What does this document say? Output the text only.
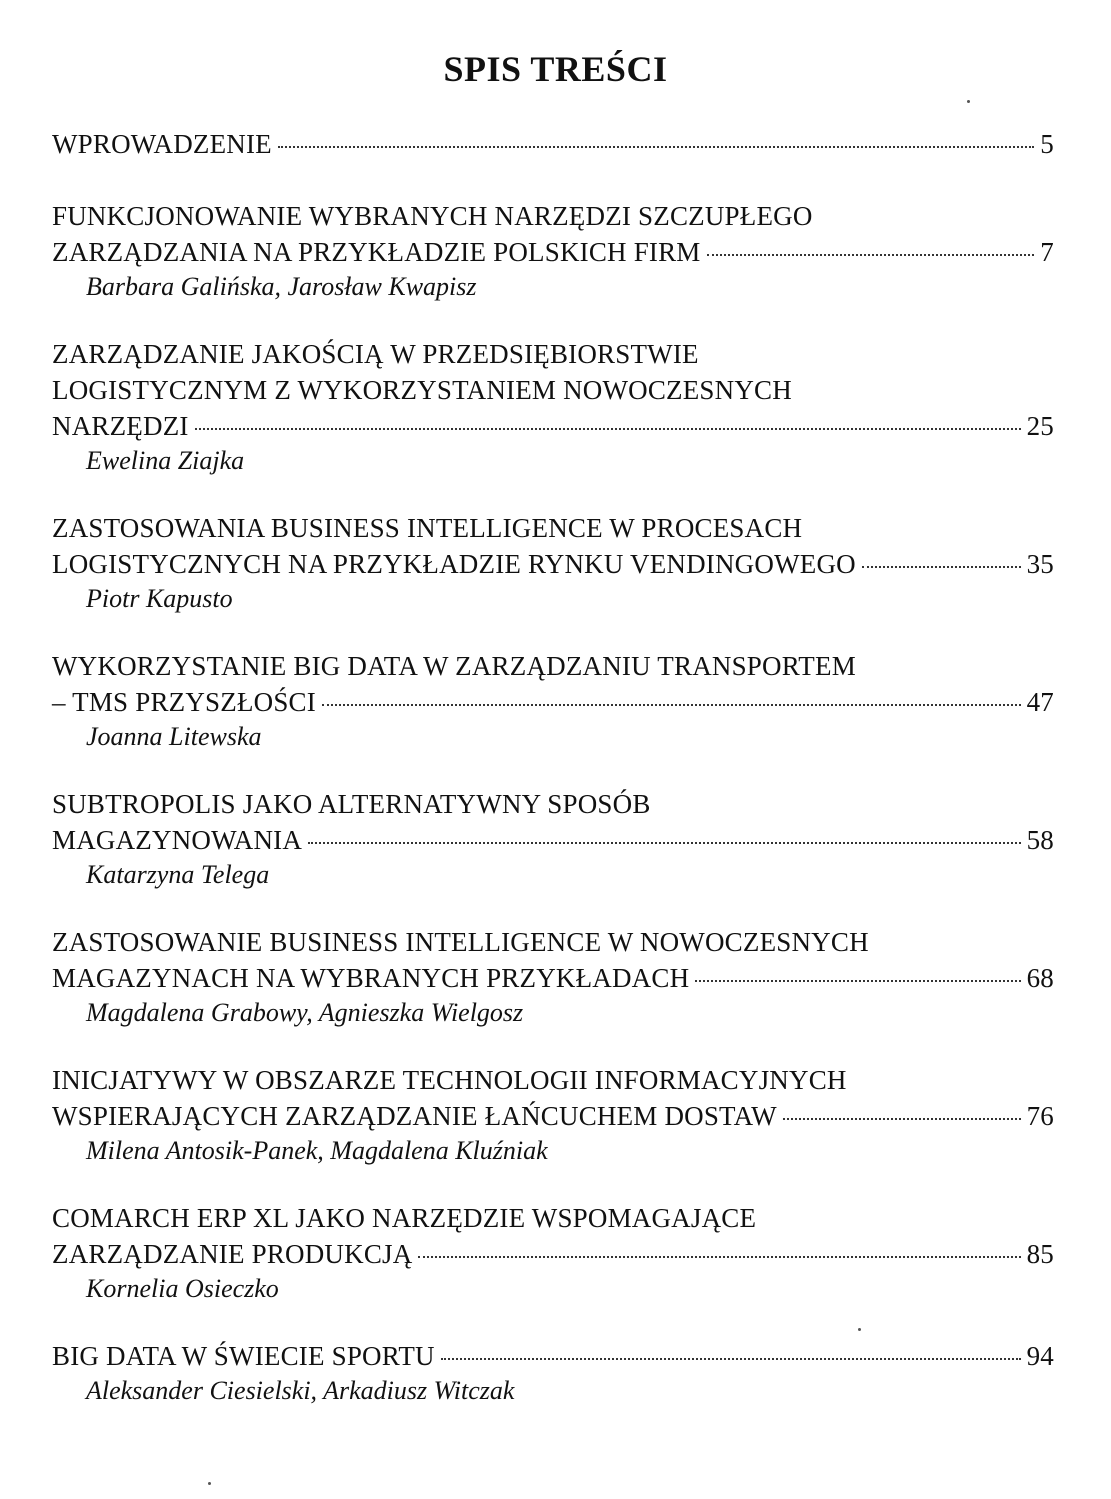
SPIS TREŚCI
WPROWADZENIE	5
FUNKCJONOWANIE WYBRANYCH NARZĘDZI SZCZUPŁEGO
ZARZĄDZANIA NA PRZYKŁADZIE POLSKICH FIRM	7
Barbara Galińska, Jarosław Kwapisz
ZARZĄDZANIE JAKOŚCIĄ W PRZEDSIĘBIORSTWIE
LOGISTYCZNYM Z WYKORZYSTANIEM NOWOCZESNYCH
NARZĘDZI	25
Ewelina Ziajka
ZASTOSOWANIA BUSINESS INTELLIGENCE W PROCESACH
LOGISTYCZNYCH NA PRZYKŁADZIE RYNKU VENDINGOWEGO	35
Piotr Kapusto
WYKORZYSTANIE BIG DATA W ZARZĄDZANIU TRANSPORTEM
– TMS PRZYSZŁOŚCI	47
Joanna Litewska
SUBTROPOLIS JAKO ALTERNATYWNY SPOSÓB
MAGAZYNOWANIA	58
Katarzyna Telega
ZASTOSOWANIE BUSINESS INTELLIGENCE W NOWOCZESNYCH
MAGAZYNACH NA WYBRANYCH PRZYKŁADACH	68
Magdalena Grabowy, Agnieszka Wielgosz
INICJATYWY W OBSZARZE TECHNOLOGII INFORMACYJNYCH
WSPIERAJĄCYCH ZARZĄDZANIE ŁAŃCUCHEM DOSTAW	76
Milena Antosik-Panek, Magdalena Kluźniak
COMARCH ERP XL JAKO NARZĘDZIE WSPOMAGAJĄCE
ZARZĄDZANIE PRODUKCJĄ	85
Kornelia Osieczko
BIG DATA W ŚWIECIE SPORTU	94
Aleksander Ciesielski, Arkadiusz Witczak
